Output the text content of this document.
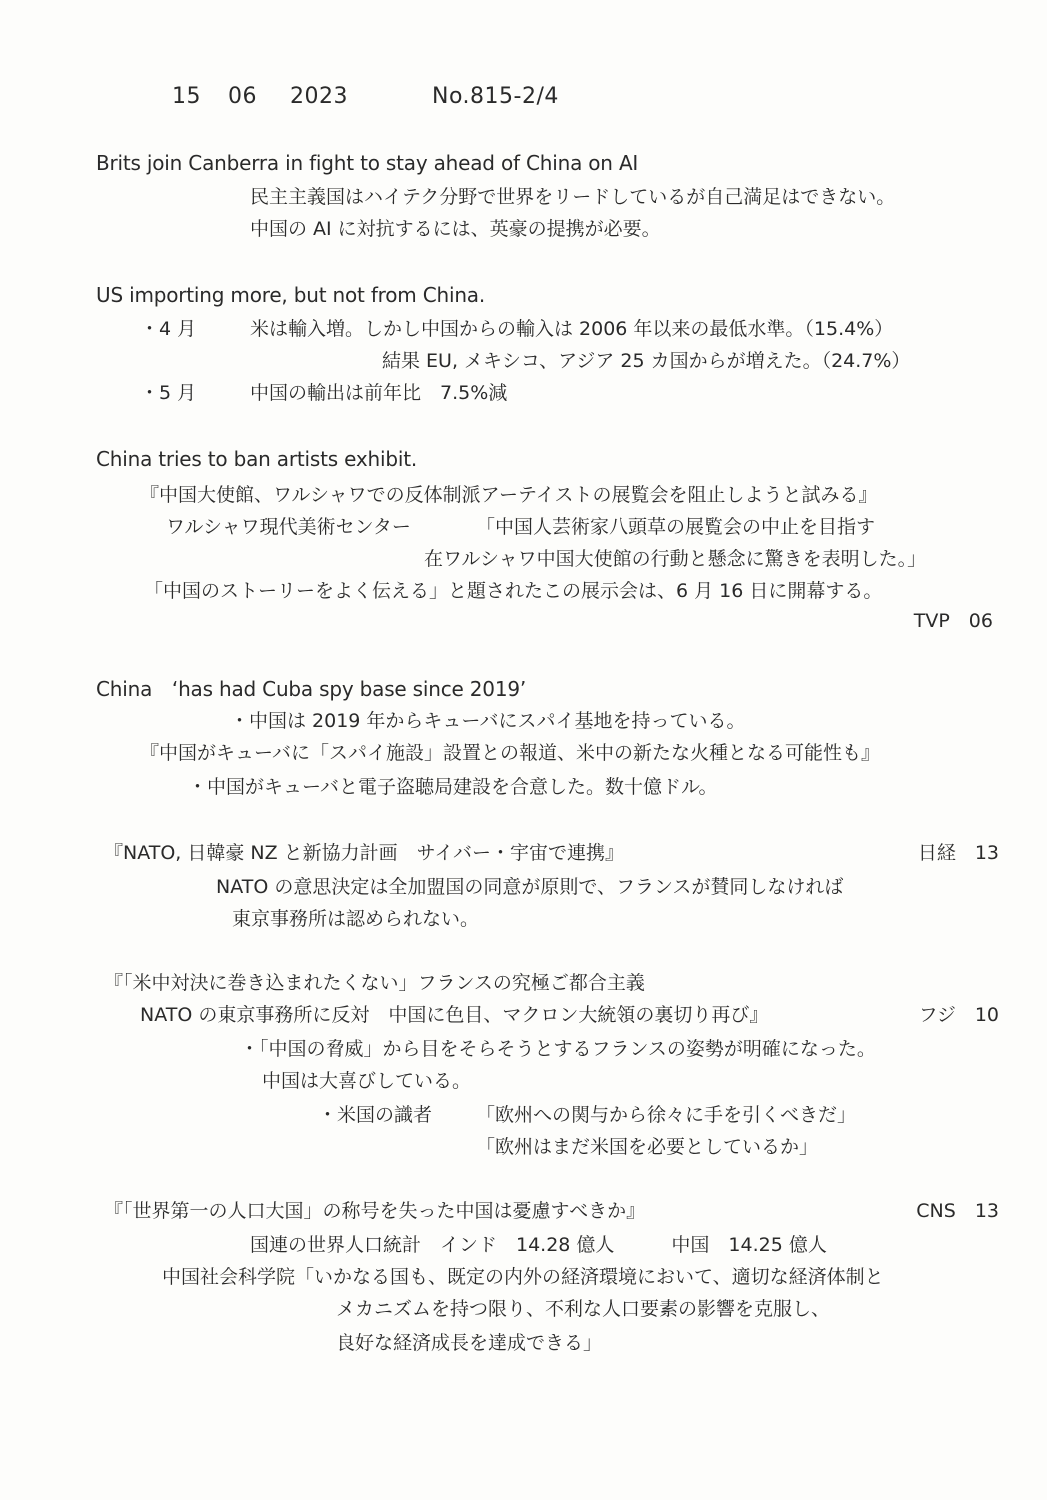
15 06 2023	No.815-2/4
Brits join Canberra in fight to stay ahead of China on AI
民主主義国はハイテク分野で世界をリードしているが自己満足はできない。
中国の AI に対抗するには、英豪の提携が必要。
US importing more, but not from China.
・4 月	米は輸入増。しかし中国からの輸入は 2006 年以来の最低水準。（15.4%）
結果 EU, メキシコ、アジア 25 カ国からが増えた。（24.7%）
・5 月	中国の輸出は前年比　7.5%減
China tries to ban artists exhibit.
『中国大使館、ワルシャワでの反体制派アーテイストの展覧会を阻止しようと試みる』
ワルシャワ現代美術センター	「中国人芸術家八頭草の展覧会の中止を目指す
在ワルシャワ中国大使館の行動と懸念に驚きを表明した。」
「中国のストーリーをよく伝える」と題されたこの展示会は、6 月 16 日に開幕する。
TVP　06
China　‘has had Cuba spy base since 2019’
・中国は 2019 年からキューバにスパイ基地を持っている。
『中国がキューバに「スパイ施設」設置との報道、米中の新たな火種となる可能性も』
・中国がキューバと電子盗聴局建設を合意した。数十億ドル。
『NATO, 日韓豪 NZ と新協力計画　サイバー・宇宙で連携』	日経　13
NATO の意思決定は全加盟国の同意が原則で、フランスが賛同しなければ
東京事務所は認められない。
『「米中対決に巻き込まれたくない」フランスの究極ご都合主義
NATO の東京事務所に反対　中国に色目、マクロン大統領の裏切り再び』	フジ　10
・「中国の脅威」から目をそらそうとするフランスの姿勢が明確になった。
中国は大喜びしている。
・米国の識者 「欧州への関与から徐々に手を引くべきだ」
「欧州はまだ米国を必要としているか」
『「世界第一の人口大国」の称号を失った中国は憂慮すべきか』	CNS　13
国連の世界人口統計　インド　14.28 億人　　　中国　14.25 億人
中国社会科学院「いかなる国も、既定の内外の経済環境において、適切な経済体制と
メカニズムを持つ限り、不利な人口要素の影響を克服し、
良好な経済成長を達成できる」
